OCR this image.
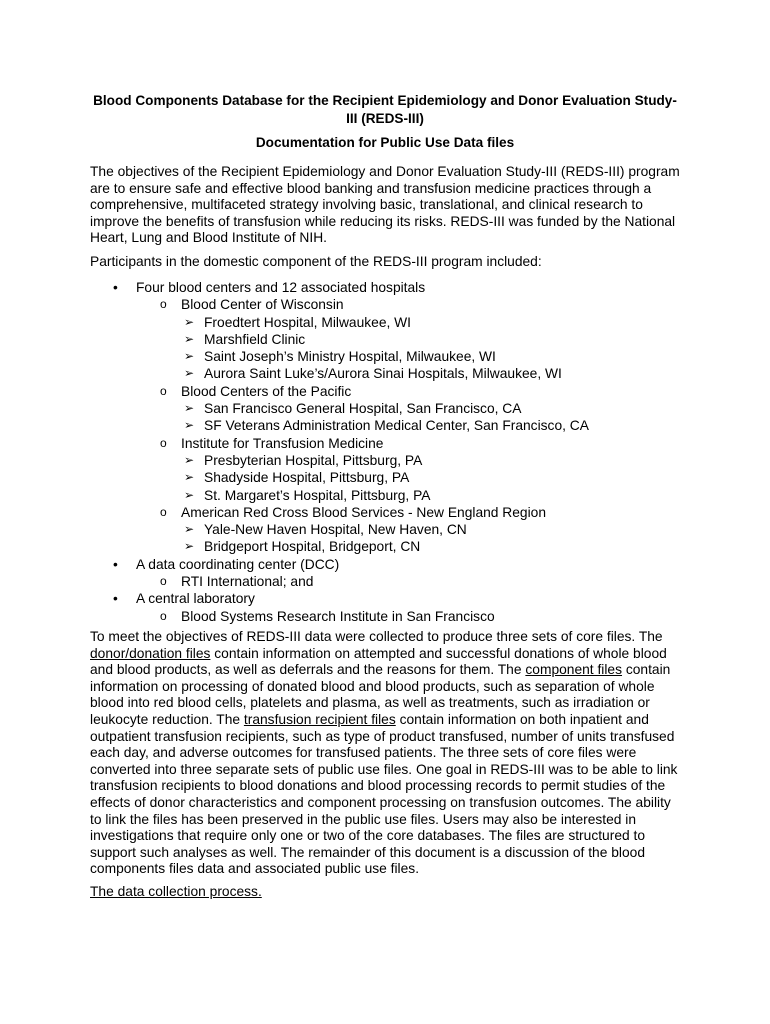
Blood Components Database for the Recipient Epidemiology and Donor Evaluation Study-III (REDS-III)
Documentation for Public Use Data files

The objectives of the Recipient Epidemiology and Donor Evaluation Study-III (REDS-III) program are to ensure safe and effective blood banking and transfusion medicine practices through a comprehensive, multifaceted strategy involving basic, translational, and clinical research to improve the benefits of transfusion while reducing its risks. REDS-III was funded by the National Heart, Lung and Blood Institute of NIH.

Participants in the domestic component of the REDS-III program included:

• Four blood centers and 12 associated hospitals
o Blood Center of Wisconsin
➢ Froedtert Hospital, Milwaukee, WI
➢ Marshfield Clinic
➢ Saint Joseph’s Ministry Hospital, Milwaukee, WI
➢ Aurora Saint Luke’s/Aurora Sinai Hospitals, Milwaukee, WI
o Blood Centers of the Pacific
➢ San Francisco General Hospital, San Francisco, CA
➢ SF Veterans Administration Medical Center, San Francisco, CA
o Institute for Transfusion Medicine
➢ Presbyterian Hospital, Pittsburg, PA
➢ Shadyside Hospital, Pittsburg, PA
➢ St. Margaret’s Hospital, Pittsburg, PA
o American Red Cross Blood Services - New England Region
➢ Yale-New Haven Hospital, New Haven, CN
➢ Bridgeport Hospital, Bridgeport, CN
• A data coordinating center (DCC)
o RTI International; and
• A central laboratory
o Blood Systems Research Institute in San Francisco

To meet the objectives of REDS-III data were collected to produce three sets of core files. The donor/donation files contain information on attempted and successful donations of whole blood and blood products, as well as deferrals and the reasons for them. The component files contain information on processing of donated blood and blood products, such as separation of whole blood into red blood cells, platelets and plasma, as well as treatments, such as irradiation or leukocyte reduction. The transfusion recipient files contain information on both inpatient and outpatient transfusion recipients, such as type of product transfused, number of units transfused each day, and adverse outcomes for transfused patients. The three sets of core files were converted into three separate sets of public use files. One goal in REDS-III was to be able to link transfusion recipients to blood donations and blood processing records to permit studies of the effects of donor characteristics and component processing on transfusion outcomes. The ability to link the files has been preserved in the public use files. Users may also be interested in investigations that require only one or two of the core databases. The files are structured to support such analyses as well. The remainder of this document is a discussion of the blood components files data and associated public use files.

The data collection process.
